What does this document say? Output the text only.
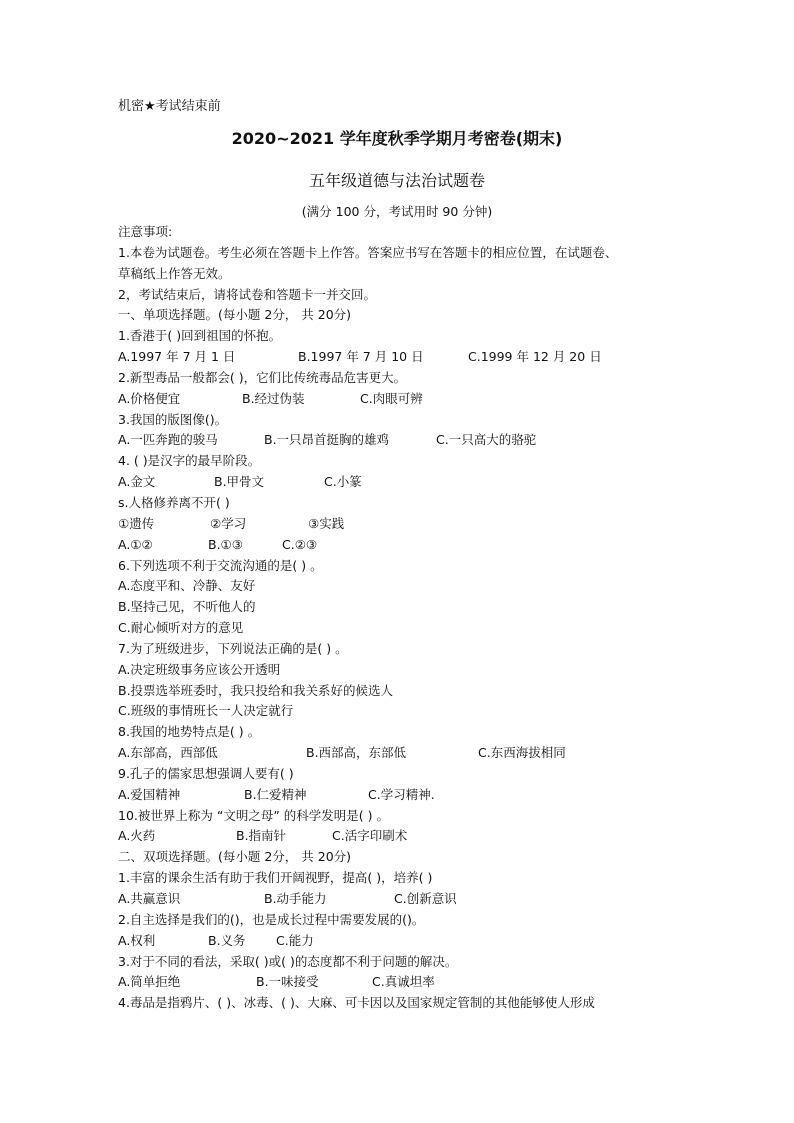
机密★考试结束前
2020~2021 学年度秋季学期月考密卷(期末)
五年级道德与法治试题卷
(满分 100 分，考试用时 90 分钟)
注意事项:
1.本卷为试题卷。考生必须在答题卡上作答。答案应书写在答题卡的相应位置，在试题卷、
草稿纸上作答无效。
2，考试结束后，请将试卷和答题卡一并交回。
一、单项选择题。(每小题 2分， 共 20分)
1.香港于( )回到祖国的怀抱。
A.1997 年 7 月 1 日	B.1997 年 7 月 10 日	C.1999 年 12 月 20 日
2.新型毒品一般都会( )，它们比传统毒品危害更大。
A.价格便宜	B.经过伪装	C.肉眼可辨
3.我国的版图像()。
A.一匹奔跑的骏马	B.一只昂首挺胸的雄鸡	C.一只高大的骆驼
4. ( )是汉字的最早阶段。
A.金文	B.甲骨文	C.小篆
s.人格修养离不开( )
①遗传	②学习	③实践
A.①②	B.①③	C.②③
6.下列选项不利于交流沟通的是( ) 。
A.态度平和、冷静、友好
B.坚持己见，不听他人的
C.耐心倾听对方的意见
7.为了班级进步，下列说法正确的是( ) 。
A.决定班级事务应该公开透明
B.投票选举班委时，我只投给和我关系好的候选人
C.班级的事情班长一人决定就行
8.我国的地势特点是( ) 。
A.东部高，西部低	B.西部高，东部低	C.东西海拔相同
9.孔子的儒家思想强调人要有( )
A.爱国精神	B.仁爱精神	C.学习精神.
10.被世界上称为 “文明之母” 的科学发明是( ) 。
A.火药	B.指南针	C.活字印刷术
二、双项选择题。(每小题 2分， 共 20分)
1.丰富的课余生活有助于我们开阔视野，提高( )，培养( )
A.共赢意识	B.动手能力	C.创新意识
2.自主选择是我们的()，也是成长过程中需要发展的()。
A.权利	B.义务 C.能力
3.对于不同的看法，采取( )或( )的态度都不利于问题的解决。
A.简单拒绝	B.一味接受	C.真诚坦率
4.毒品是指鸦片、( )、冰毒、( )、大麻、可卡因以及国家规定管制的其他能够使人形成
